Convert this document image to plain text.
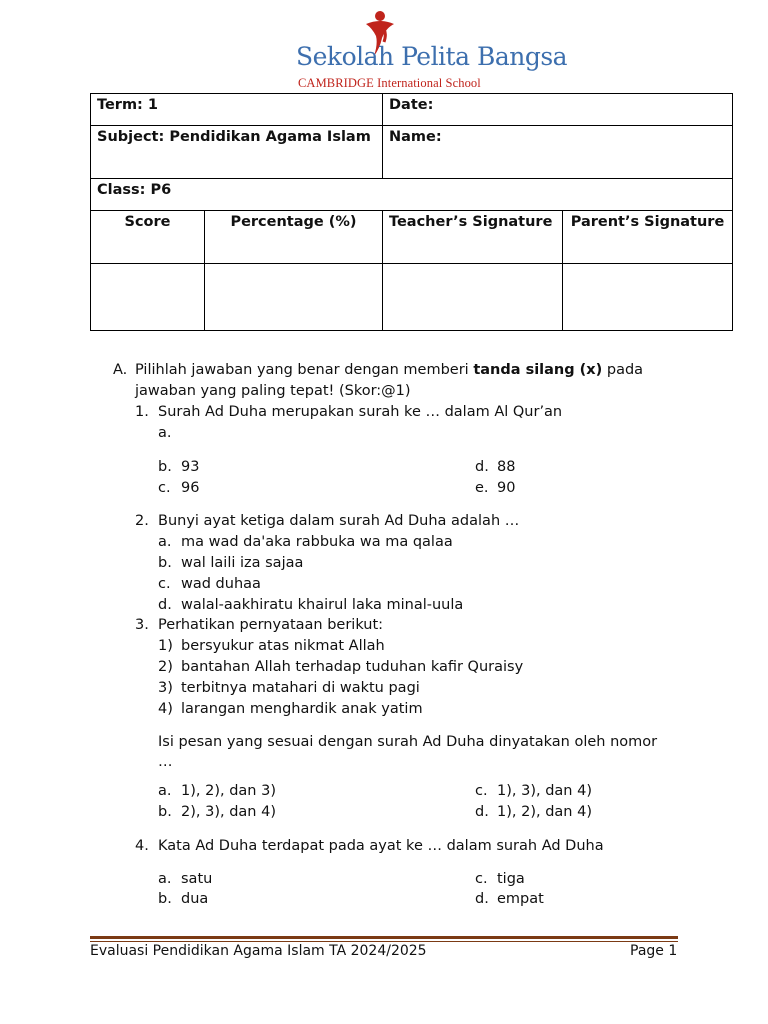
Sekolah Pelita Bangsa
CAMBRIDGE International School
Term: 1		Date:	
Subject: Pendidikan Agama Islam		Name:	
Class: P6			
Score	Percentage (%)	Teacher’s Signature	Parent’s Signature

A. Pilihlah jawaban yang benar dengan memberi tanda silang (x) pada
jawaban yang paling tepat! (Skor:@1)
1. Surah Ad Duha merupakan surah ke … dalam Al Qur’an
a.
b. 93
c. 96
d. 88
e. 90
2. Bunyi ayat ketiga dalam surah Ad Duha adalah …
a. ma wad da'aka rabbuka wa ma qalaa
b. wal laili iza sajaa
c. wad duhaa
d. walal-aakhiratu khairul laka minal-uula
3. Perhatikan pernyataan berikut:
1) bersyukur atas nikmat Allah
2) bantahan Allah terhadap tuduhan kafir Quraisy
3) terbitnya matahari di waktu pagi
4) larangan menghardik anak yatim
Isi pesan yang sesuai dengan surah Ad Duha dinyatakan oleh nomor
…
a. 1), 2), dan 3)
b. 2), 3), dan 4)
c. 1), 3), dan 4)
d. 1), 2), dan 4)
4. Kata Ad Duha terdapat pada ayat ke … dalam surah Ad Duha
a. satu
b. dua
c. tiga
d. empat
Evaluasi Pendidikan Agama Islam TA 2024/2025	Page 1
